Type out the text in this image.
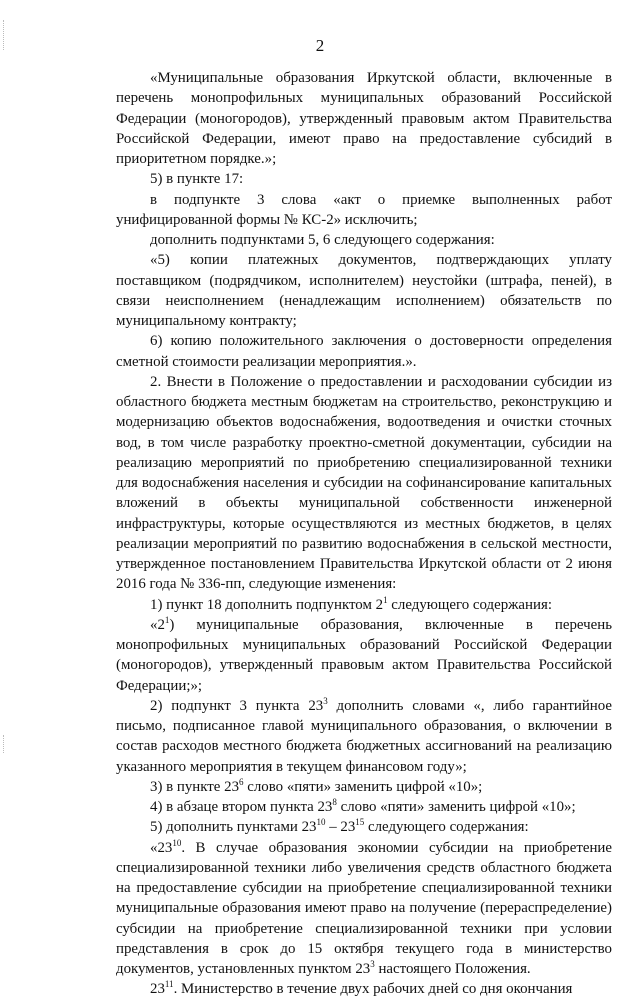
2

«Муниципальные образования Иркутской области, включенные в перечень монопрофильных муниципальных образований Российской Федерации (моногородов), утвержденный правовым актом Правительства Российской Федерации, имеют право на предоставление субсидий в приоритетном порядке.»;

5) в пункте 17:

в подпункте 3 слова «акт о приемке выполненных работ унифицированной формы № КС-2» исключить;

дополнить подпунктами 5, 6 следующего содержания:

«5) копии платежных документов, подтверждающих уплату поставщиком (подрядчиком, исполнителем) неустойки (штрафа, пеней), в связи неисполнением (ненадлежащим исполнением) обязательств по муниципальному контракту;

6) копию положительного заключения о достоверности определения сметной стоимости реализации мероприятия.».

2. Внести в Положение о предоставлении и расходовании субсидии из областного бюджета местным бюджетам на строительство, реконструкцию и модернизацию объектов водоснабжения, водоотведения и очистки сточных вод, в том числе разработку проектно-сметной документации, субсидии на реализацию мероприятий по приобретению специализированной техники для водоснабжения населения и субсидии на софинансирование капитальных вложений в объекты муниципальной собственности инженерной инфраструктуры, которые осуществляются из местных бюджетов, в целях реализации мероприятий по развитию водоснабжения в сельской местности, утвержденное постановлением Правительства Иркутской области от 2 июня 2016 года № 336-пп, следующие изменения:

1) пункт 18 дополнить подпунктом $2^1$ следующего содержания:

«$2^1$) муниципальные образования, включенные в перечень монопрофильных муниципальных образований Российской Федерации (моногородов), утвержденный правовым актом Правительства Российской Федерации;»;

2) подпункт 3 пункта $23^3$ дополнить словами «, либо гарантийное письмо, подписанное главой муниципального образования, о включении в состав расходов местного бюджета бюджетных ассигнований на реализацию указанного мероприятия в текущем финансовом году»;

3) в пункте $23^6$ слово «пяти» заменить цифрой «10»;

4) в абзаце втором пункта $23^8$ слово «пяти» заменить цифрой «10»;

5) дополнить пунктами $23^{10} - 23^{15}$ следующего содержания:

«$23^{10}$. В случае образования экономии субсидии на приобретение специализированной техники либо увеличения средств областного бюджета на предоставление субсидии на приобретение специализированной техники муниципальные образования имеют право на получение (перераспределение) субсидии на приобретение специализированной техники при условии представления в срок до 15 октября текущего года в министерство документов, установленных пунктом $23^3$ настоящего Положения.

$23^{11}$. Министерство в течение двух рабочих дней со дня окончания
